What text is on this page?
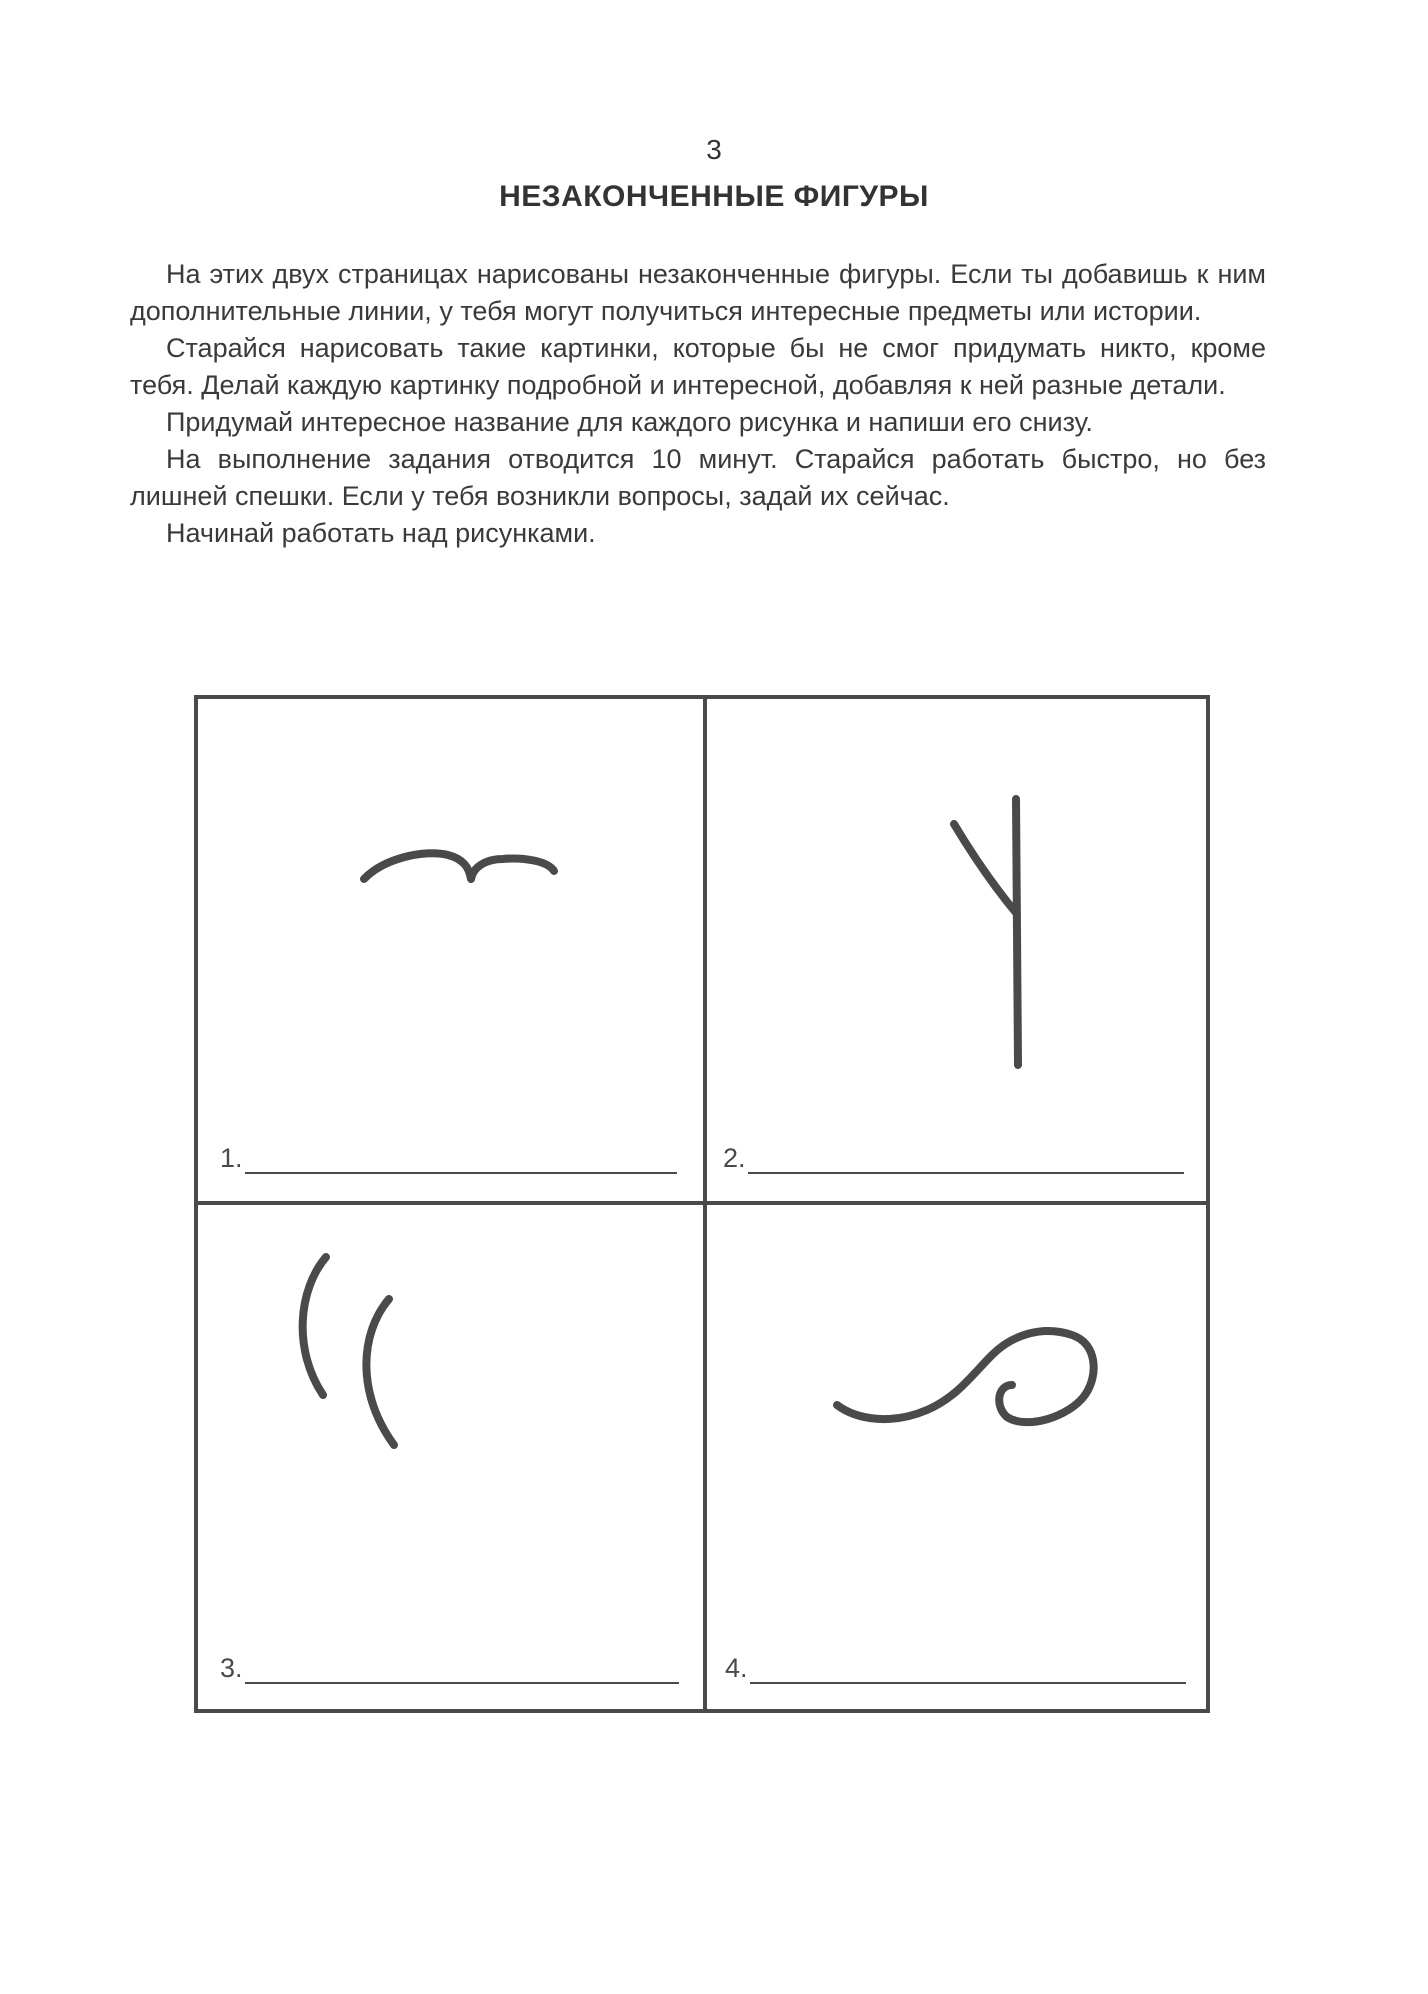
3
НЕЗАКОНЧЕННЫЕ ФИГУРЫ

На этих двух страницах нарисованы незаконченные фигуры. Если ты добавишь к ним дополнительные линии, у тебя могут получиться интересные предметы или истории.

Старайся нарисовать такие картинки, которые бы не смог придумать никто, кроме тебя. Делай каждую картинку подробной и интересной, добавляя к ней разные детали.

Придумай интересное название для каждого рисунка и напиши его снизу.

На выполнение задания отводится 10 минут. Старайся работать быстро, но без лишней спешки. Если у тебя возникли вопросы, задай их сейчас.

Начинай работать над рисунками.

1.	2.
3.	4.
